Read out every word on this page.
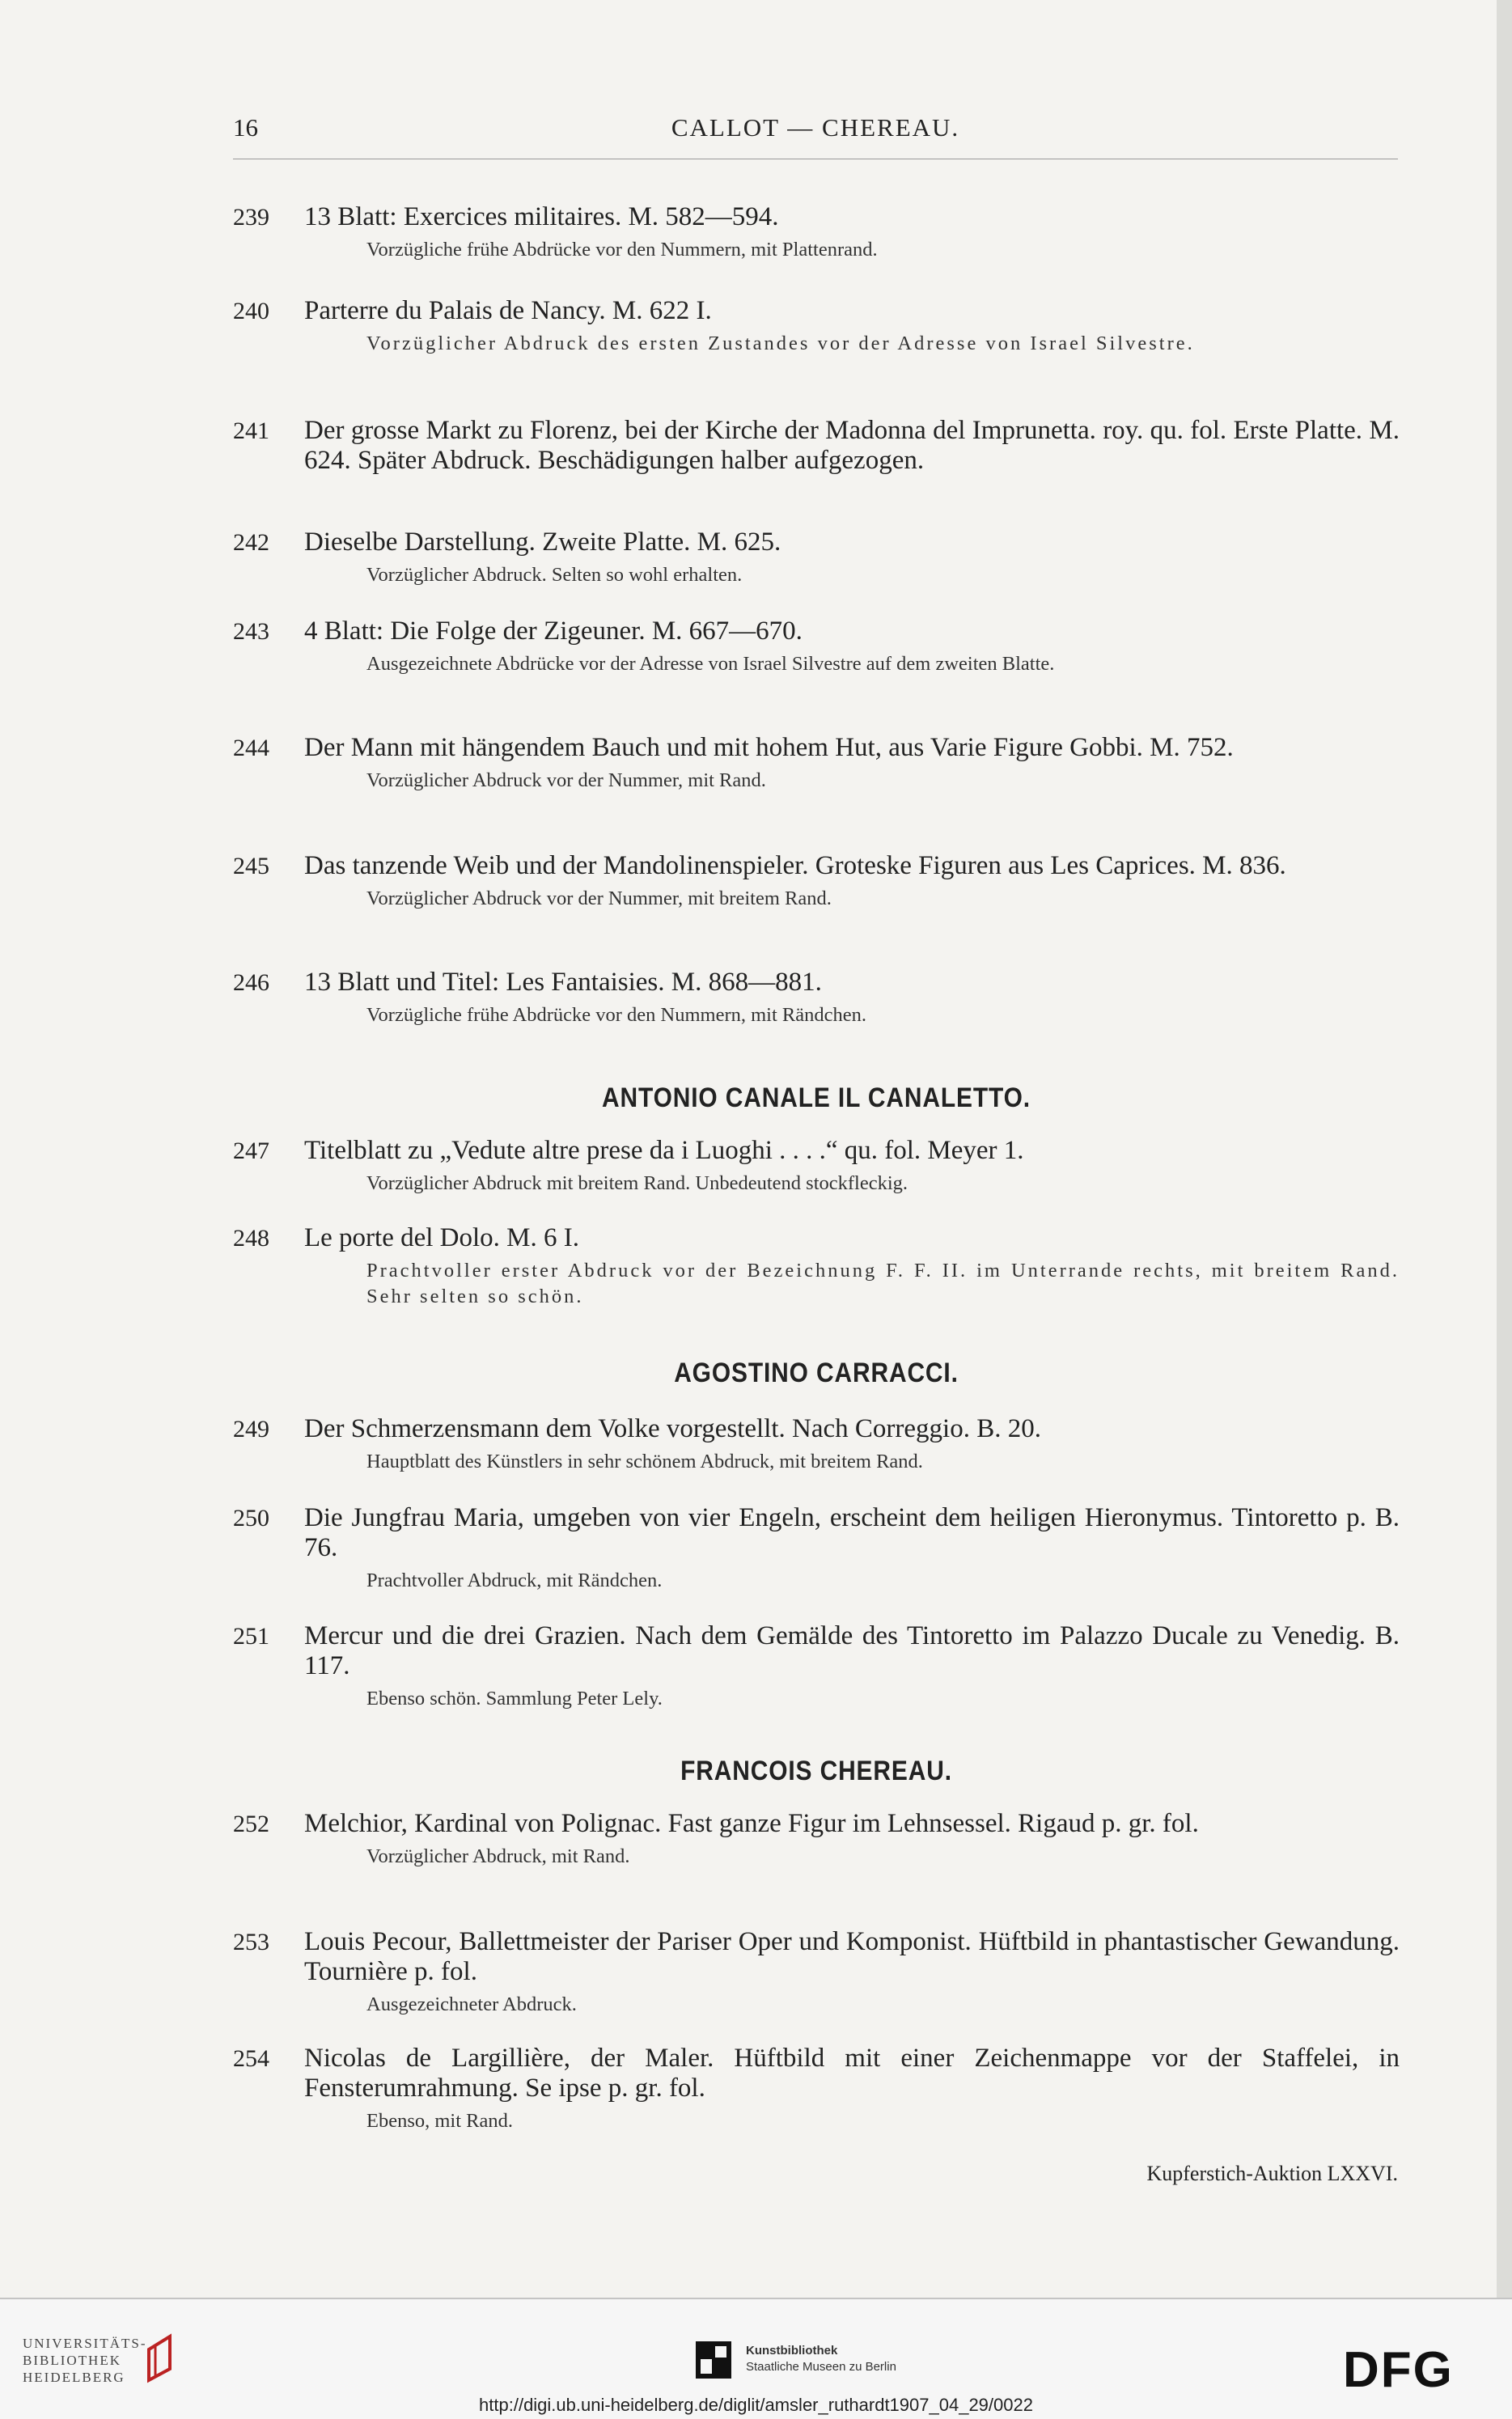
16	CALLOT — CHEREAU.
239	13 Blatt: Exercices militaires. M. 582—594.

Vorzügliche frühe Abdrücke vor den Nummern, mit Plattenrand.

240	Parterre du Palais de Nancy. M. 622 I.

Vorzüglicher Abdruck des ersten Zustandes vor der Adresse von Israel Silvestre.

241	Der grosse Markt zu Florenz, bei der Kirche der Madonna del Imprunetta. roy. qu. fol. Erste Platte. M. 624. Später Abdruck. Beschädigungen halber aufgezogen.

242	Dieselbe Darstellung. Zweite Platte. M. 625.

Vorzüglicher Abdruck. Selten so wohl erhalten.

243	4 Blatt: Die Folge der Zigeuner. M. 667—670.

Ausgezeichnete Abdrücke vor der Adresse von Israel Silvestre auf dem zweiten Blatte.

244	Der Mann mit hängendem Bauch und mit hohem Hut, aus Varie Figure Gobbi. M. 752.

Vorzüglicher Abdruck vor der Nummer, mit Rand.

245	Das tanzende Weib und der Mandolinenspieler. Groteske Figuren aus Les Caprices. M. 836.

Vorzüglicher Abdruck vor der Nummer, mit breitem Rand.

246	13 Blatt und Titel: Les Fantaisies. M. 868—881.

Vorzügliche frühe Abdrücke vor den Nummern, mit Rändchen.

ANTONIO CANALE IL CANALETTO.
247	Titelblatt zu „Vedute altre prese da i Luoghi . . . .“ qu. fol. Meyer 1.

Vorzüglicher Abdruck mit breitem Rand. Unbedeutend stockfleckig.

248	Le porte del Dolo. M. 6 I.

Prachtvoller erster Abdruck vor der Bezeichnung F. F. II. im Unterrande rechts, mit breitem Rand. Sehr selten so schön.

AGOSTINO CARRACCI.
249	Der Schmerzensmann dem Volke vorgestellt. Nach Correggio. B. 20.

Hauptblatt des Künstlers in sehr schönem Abdruck, mit breitem Rand.

250	Die Jungfrau Maria, umgeben von vier Engeln, erscheint dem heiligen Hieronymus. Tintoretto p. B. 76.

Prachtvoller Abdruck, mit Rändchen.

251	Mercur und die drei Grazien. Nach dem Gemälde des Tintoretto im Palazzo Ducale zu Venedig. B. 117.

Ebenso schön. Sammlung Peter Lely.

FRANCOIS CHEREAU.
252	Melchior, Kardinal von Polignac. Fast ganze Figur im Lehnsessel. Rigaud p. gr. fol.

Vorzüglicher Abdruck, mit Rand.

253	Louis Pecour, Ballettmeister der Pariser Oper und Komponist. Hüftbild in phantastischer Gewandung. Tournière p. fol.

Ausgezeichneter Abdruck.

254	Nicolas de Largillière, der Maler. Hüftbild mit einer Zeichenmappe vor der Staffelei, in Fensterumrahmung. Se ipse p. gr. fol.

Ebenso, mit Rand.

Kupferstich-Auktion LXXVI.
UNIVERSITÄTS-
BIBLIOTHEK
HEIDELBERG
Kunstbibliothek
Staatliche Museen zu Berlin	DFG
http://digi.ub.uni-heidelberg.de/diglit/amsler_ruthardt1907_04_29/0022
